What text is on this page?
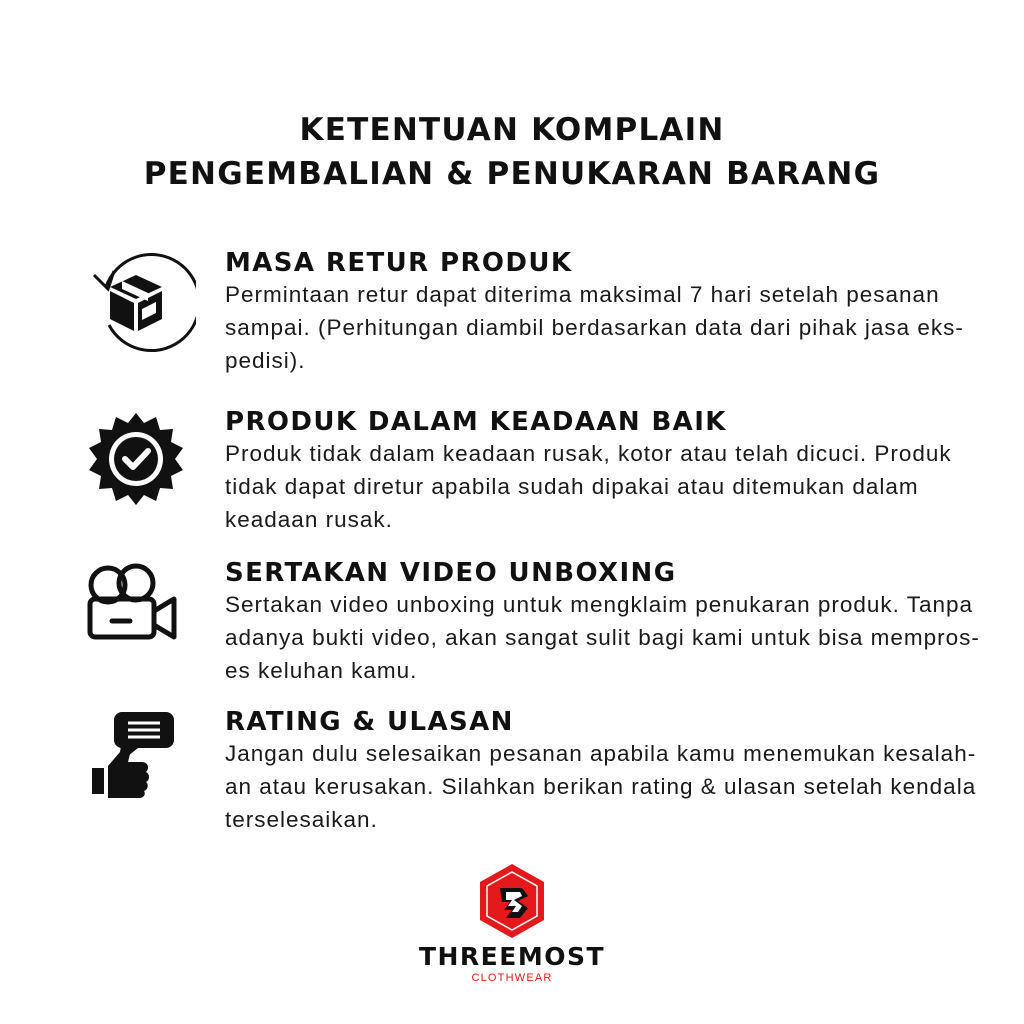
KETENTUAN KOMPLAIN
PENGEMBALIAN & PENUKARAN BARANG
MASA RETUR PRODUK
Permintaan retur dapat diterima maksimal 7 hari setelah pesanan
sampai. (Perhitungan diambil berdasarkan data dari pihak jasa eks-
pedisi).
PRODUK DALAM KEADAAN BAIK
Produk tidak dalam keadaan rusak, kotor atau telah dicuci. Produk
tidak dapat diretur apabila sudah dipakai atau ditemukan dalam
keadaan rusak.
SERTAKAN VIDEO UNBOXING
Sertakan video unboxing untuk mengklaim penukaran produk. Tanpa
adanya bukti video, akan sangat sulit bagi kami untuk bisa mempros-
es keluhan kamu.
RATING & ULASAN
Jangan dulu selesaikan pesanan apabila kamu menemukan kesalah-
an atau kerusakan. Silahkan berikan rating & ulasan setelah kendala
terselesaikan.
THREEMOST
CLOTHWEAR
